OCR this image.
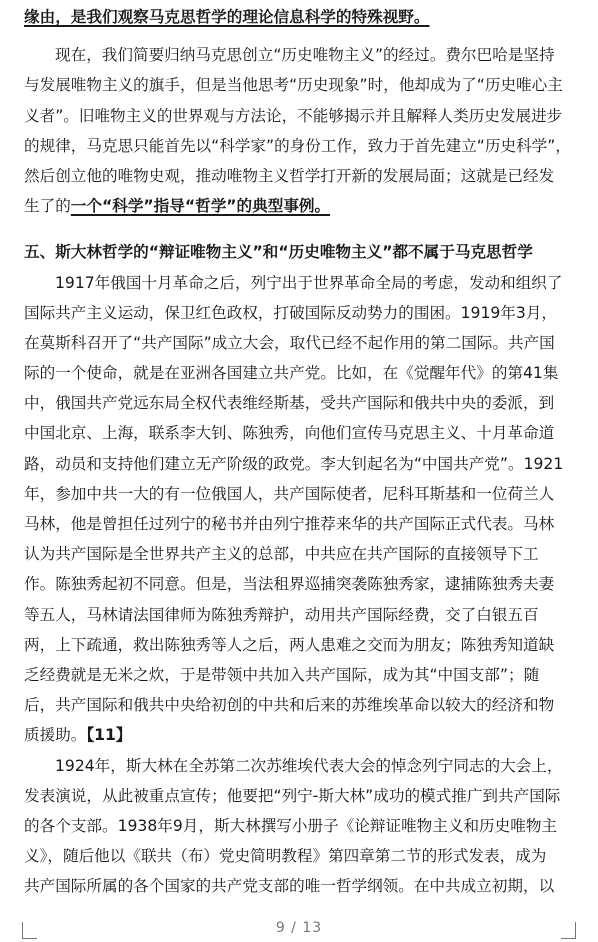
缘由，是我们观察马克思哲学的理论信息科学的特殊视野。
现在，我们简要归纳马克思创立“历史唯物主义”的经过。费尔巴哈是坚持
与发展唯物主义的旗手，但是当他思考“历史现象”时，他却成为了“历史唯心主
义者”。旧唯物主义的世界观与方法论，不能够揭示并且解释人类历史发展进步
的规律，马克思只能首先以“科学家”的身份工作，致力于首先建立“历史科学”，
然后创立他的唯物史观，推动唯物主义哲学打开新的发展局面；这就是已经发
生了的一个“科学”指导“哲学”的典型事例。
五、斯大林哲学的“辩证唯物主义”和“历史唯物主义”都不属于马克思哲学
1917年俄国十月革命之后，列宁出于世界革命全局的考虑，发动和组织了
国际共产主义运动，保卫红色政权，打破国际反动势力的围困。1919年3月，
在莫斯科召开了“共产国际”成立大会，取代已经不起作用的第二国际。共产国
际的一个使命，就是在亚洲各国建立共产党。比如，在《觉醒年代》的第41集
中，俄国共产党远东局全权代表维经斯基，受共产国际和俄共中央的委派，到
中国北京、上海，联系李大钊、陈独秀，向他们宣传马克思主义、十月革命道
路，动员和支持他们建立无产阶级的政党。李大钊起名为“中国共产党”。1921
年，参加中共一大的有一位俄国人，共产国际使者，尼科耳斯基和一位荷兰人
马林，他是曾担任过列宁的秘书并由列宁推荐来华的共产国际正式代表。马林
认为共产国际是全世界共产主义的总部，中共应在共产国际的直接领导下工
作。陈独秀起初不同意。但是，当法租界巡捕突袭陈独秀家，逮捕陈独秀夫妻
等五人，马林请法国律师为陈独秀辩护，动用共产国际经费，交了白银五百
两，上下疏通，救出陈独秀等人之后，两人患难之交而为朋友；陈独秀知道缺
乏经费就是无米之炊，于是带领中共加入共产国际，成为其“中国支部”；随
后，共产国际和俄共中央给初创的中共和后来的苏维埃革命以较大的经济和物
质援助。【11】
1924年，斯大林在全苏第二次苏维埃代表大会的悼念列宁同志的大会上，
发表演说，从此被重点宣传；他要把“列宁-斯大林”成功的模式推广到共产国际
的各个支部。1938年9月，斯大林撰写小册子《论辩证唯物主义和历史唯物主
义》，随后他以《联共（布）党史简明教程》第四章第二节的形式发表，成为
共产国际所属的各个国家的共产党支部的唯一哲学纲领。在中共成立初期，以
9 / 13
